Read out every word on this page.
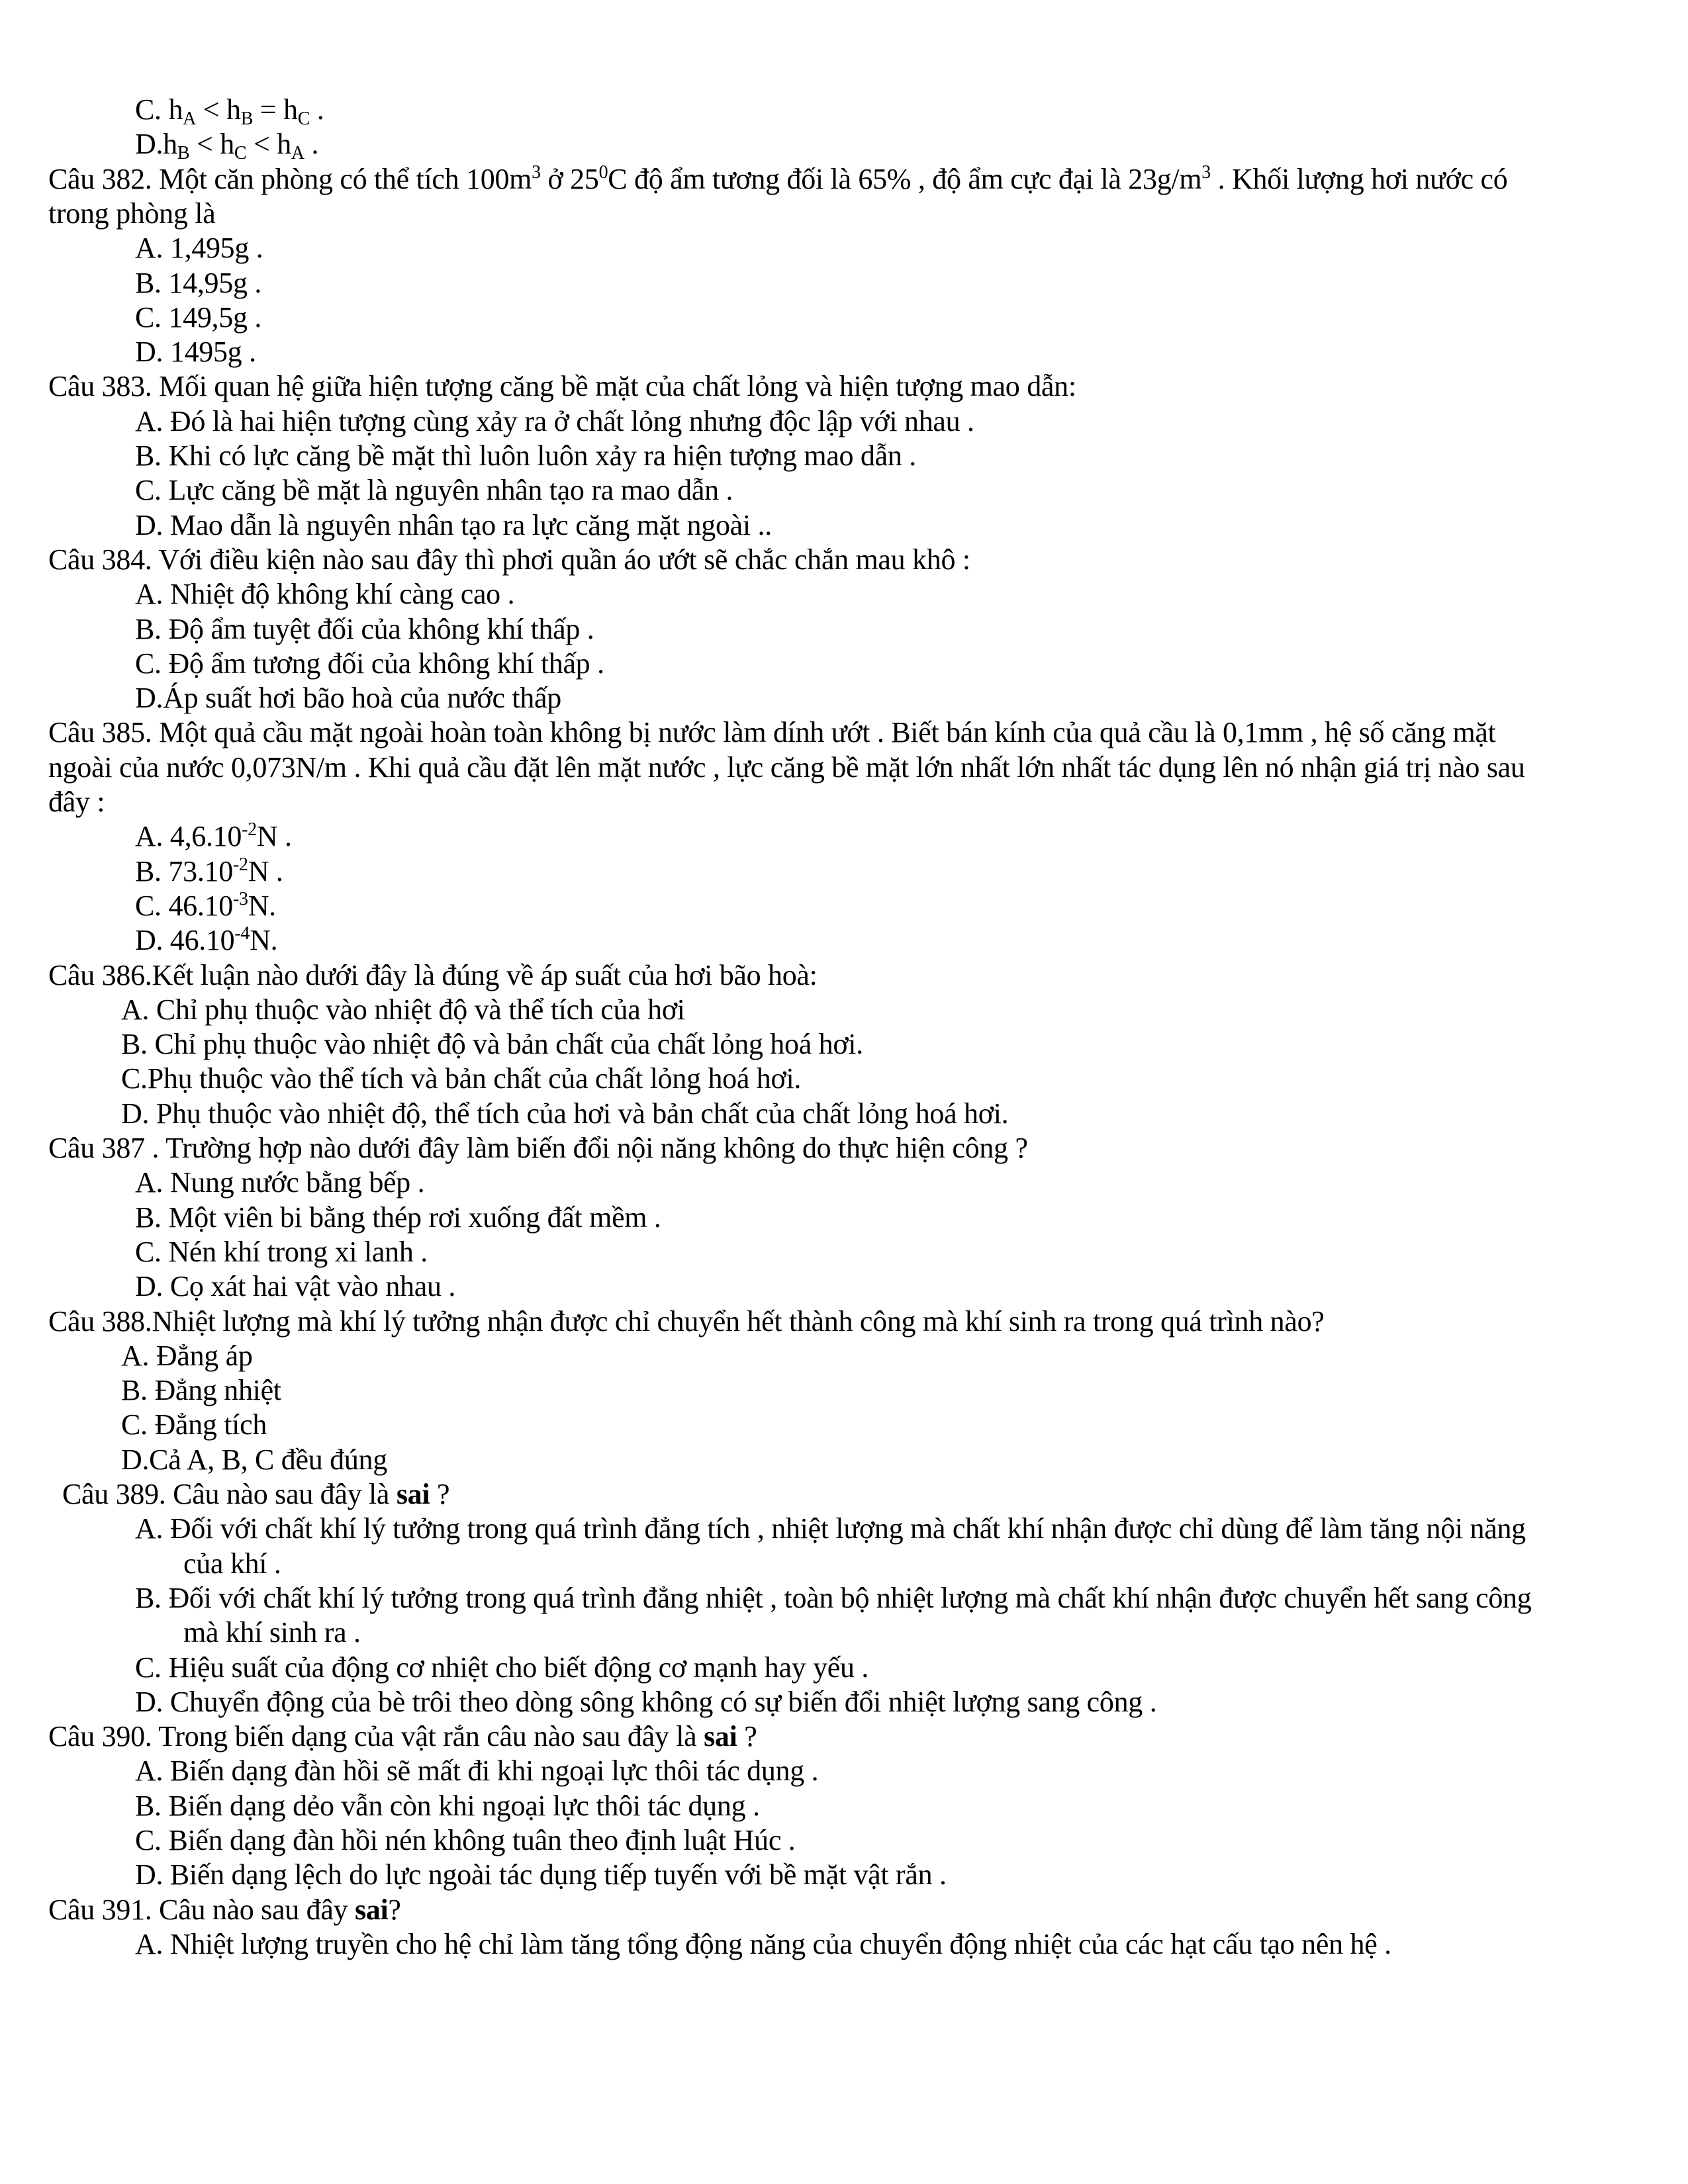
C. $h_A < h_B = h_C$ .
$D.h_B < h_C < h_A$ .
Câu 382. Một căn phòng có thể tích $100m^3$ ở $25^0C$ độ ẩm tương đối là 65% , độ ẩm cực đại là $23g/m^3$ . Khối lượng hơi nước có
trong phòng là
A. 1,495g .
B. 14,95g .
C. 149,5g .
D. 1495g .
Câu 383. Mối quan hệ giữa hiện tượng căng bề mặt của chất lỏng và hiện tượng mao dẫn:
A. Đó là hai hiện tượng cùng xảy ra ở chất lỏng nhưng độc lập với nhau .
B. Khi có lực căng bề mặt thì luôn luôn xảy ra hiện tượng mao dẫn .
C. Lực căng bề mặt là nguyên nhân tạo ra mao dẫn .
D. Mao dẫn là nguyên nhân tạo ra lực căng mặt ngoài ..
Câu 384. Với điều kiện nào sau đây thì phơi quần áo ướt sẽ chắc chắn mau khô :
A. Nhiệt độ không khí càng cao .
B. Độ ẩm tuyệt đối của không khí thấp .
C. Độ ẩm tương đối của không khí thấp .
D.Áp suất hơi bão hoà của nước thấp
Câu 385. Một quả cầu mặt ngoài hoàn toàn không bị nước làm dính ướt . Biết bán kính của quả cầu là 0,1mm , hệ số căng mặt
ngoài của nước 0,073N/m . Khi quả cầu đặt lên mặt nước , lực căng bề mặt lớn nhất lớn nhất tác dụng lên nó nhận giá trị nào sau
đây :
A. $4,6.10^{-2}N$ .
B. $73.10^{-2}N$ .
C. $46.10^{-3}N$.
D. $46.10^{-4}N$.
Câu 386.Kết luận nào dưới đây là đúng về áp suất của hơi bão hoà:
A. Chỉ phụ thuộc vào nhiệt độ và thể tích của hơi
B. Chỉ phụ thuộc vào nhiệt độ và bản chất của chất lỏng hoá hơi.
C.Phụ thuộc vào thể tích và bản chất của chất lỏng hoá hơi.
D. Phụ thuộc vào nhiệt độ, thể tích của hơi và bản chất của chất lỏng hoá hơi.
Câu 387 . Trường hợp nào dưới đây làm biến đổi nội năng không do thực hiện công ?
A. Nung nước bằng bếp .
B. Một viên bi bằng thép rơi xuống đất mềm .
C. Nén khí trong xi lanh .
D. Cọ xát hai vật vào nhau .
Câu 388.Nhiệt lượng mà khí lý tưởng nhận được chỉ chuyển hết thành công mà khí sinh ra trong quá trình nào?
A. Đẳng áp
B. Đẳng nhiệt
C. Đẳng tích
D.Cả A, B, C đều đúng
Câu 389. Câu nào sau đây là sai ?
A. Đối với chất khí lý tưởng trong quá trình đẳng tích , nhiệt lượng mà chất khí nhận được chỉ dùng để làm tăng nội năng
của khí .
B. Đối với chất khí lý tưởng trong quá trình đẳng nhiệt , toàn bộ nhiệt lượng mà chất khí nhận được chuyển hết sang công
mà khí sinh ra .
C. Hiệu suất của động cơ nhiệt cho biết động cơ mạnh hay yếu .
D. Chuyển động của bè trôi theo dòng sông không có sự biến đổi nhiệt lượng sang công .
Câu 390. Trong biến dạng của vật rắn câu nào sau đây là sai ?
A. Biến dạng đàn hồi sẽ mất đi khi ngoại lực thôi tác dụng .
B. Biến dạng dẻo vẫn còn khi ngoại lực thôi tác dụng .
C. Biến dạng đàn hồi nén không tuân theo định luật Húc .
D. Biến dạng lệch do lực ngoài tác dụng tiếp tuyến với bề mặt vật rắn .
Câu 391. Câu nào sau đây sai?
A. Nhiệt lượng truyền cho hệ chỉ làm tăng tổng động năng của chuyển động nhiệt của các hạt cấu tạo nên hệ .
